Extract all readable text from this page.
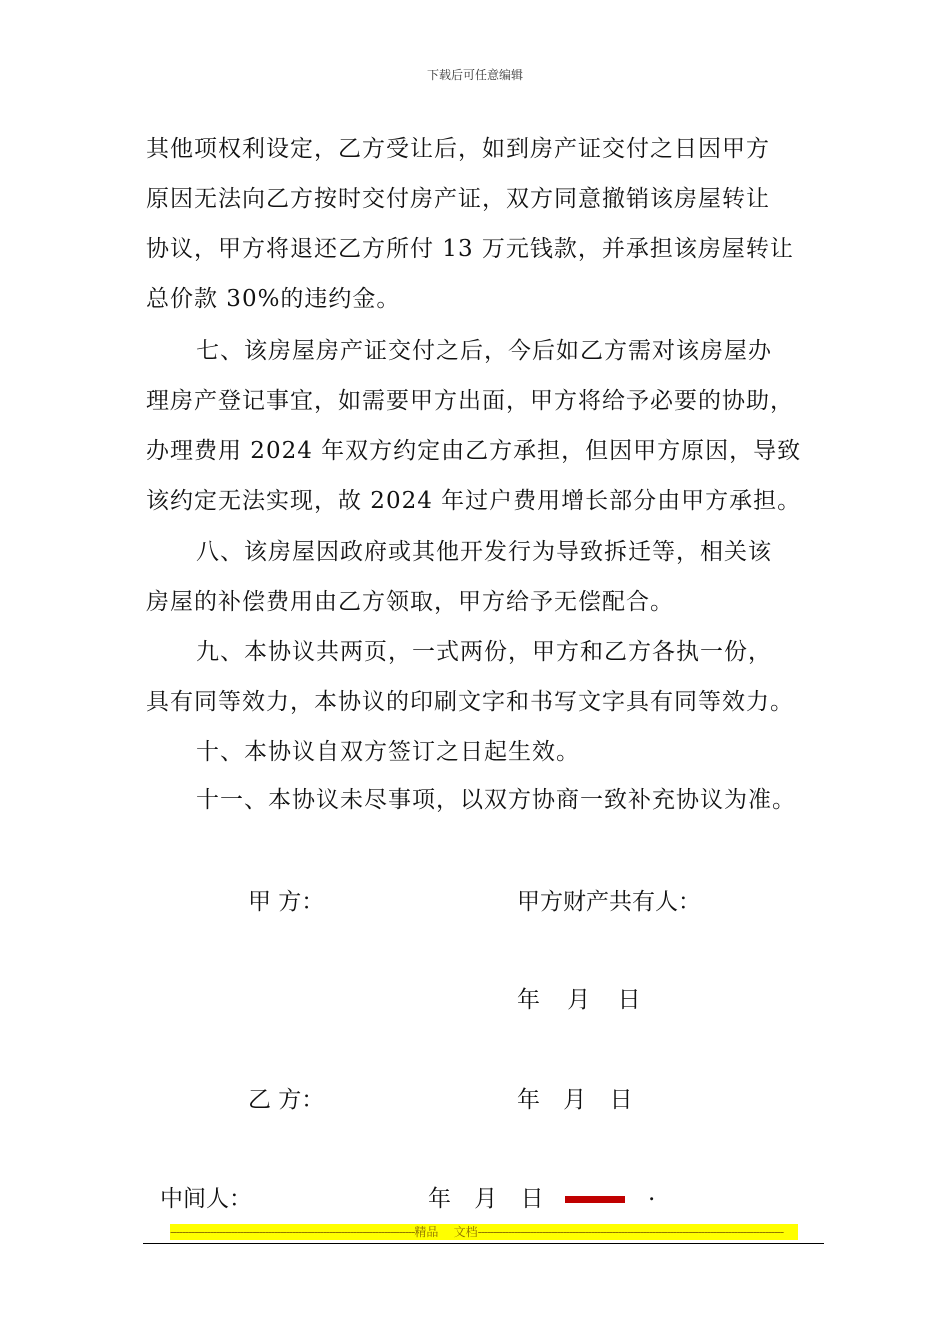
下载后可任意编辑
其他项权利设定，乙方受让后，如到房产证交付之日因甲方
原因无法向乙方按时交付房产证，双方同意撤销该房屋转让
协议，甲方将退还乙方所付 13 万元钱款，并承担该房屋转让
总价款 30%的违约金。
七、该房屋房产证交付之后，今后如乙方需对该房屋办
理房产登记事宜，如需要甲方出面，甲方将给予必要的协助，
办理费用 2024 年双方约定由乙方承担，但因甲方原因，导致
该约定无法实现，故 2024 年过户费用增长部分由甲方承担。
八、该房屋因政府或其他开发行为导致拆迁等，相关该
房屋的补偿费用由乙方领取，甲方给予无偿配合。
九、本协议共两页，一式两份，甲方和乙方各执一份，
具有同等效力，本协议的印刷文字和书写文字具有同等效力。
十、本协议自双方签订之日起生效。
十一、本协议未尽事项，以双方协商一致补充协议为准。
甲 方：	甲方财产共有人：
年 月 日
乙 方：	年 月 日
中间人：	年 月 日	.
--------------------------------------------------------------------------------精品 文档----------------------------------------------------------------------------------------------------
